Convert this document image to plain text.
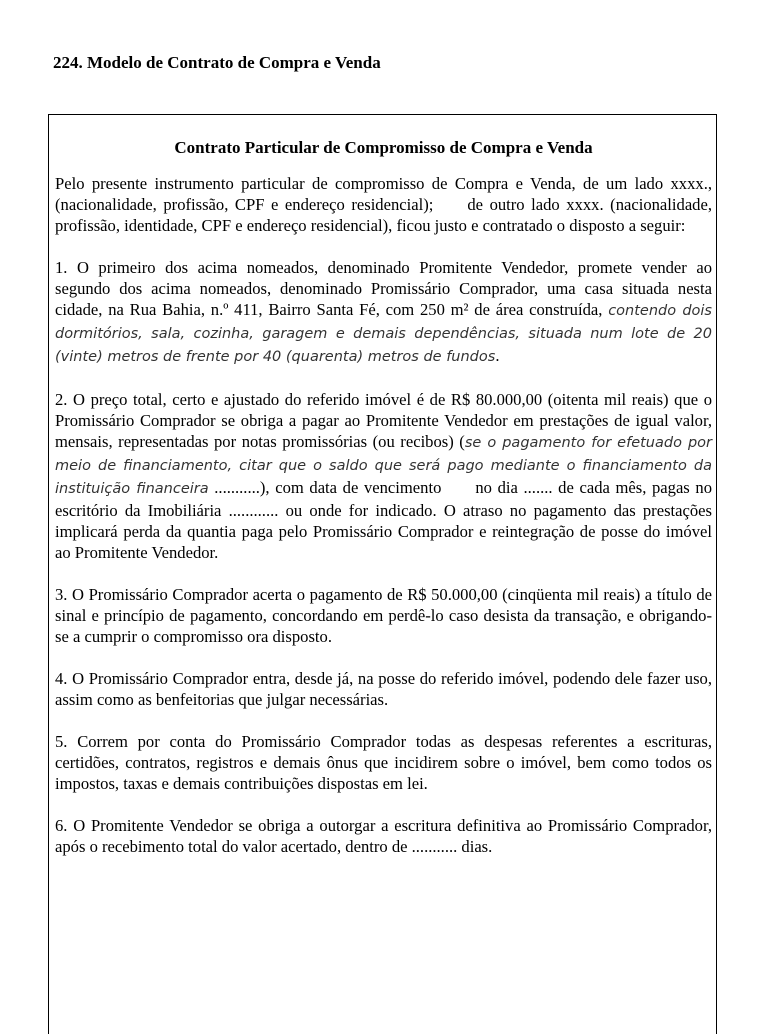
224. Modelo de Contrato de Compra e Venda
Contrato Particular de Compromisso de Compra e Venda

Pelo presente instrumento particular de compromisso de Compra e Venda, de um lado xxxx., (nacionalidade, profissão, CPF e endereço residencial); de outro lado xxxx. (nacionalidade, profissão, identidade, CPF e endereço residencial), ficou justo e contratado o disposto a seguir:

1. O primeiro dos acima nomeados, denominado Promitente Vendedor, promete vender ao segundo dos acima nomeados, denominado Promissário Comprador, uma casa situada nesta cidade, na Rua Bahia, n.º 411, Bairro Santa Fé, com 250 m² de área construída, contendo dois dormitórios, sala, cozinha, garagem e demais dependências, situada num lote de 20 (vinte) metros de frente por 40 (quarenta) metros de fundos.

2. O preço total, certo e ajustado do referido imóvel é de R$ 80.000,00 (oitenta mil reais) que o Promissário Comprador se obriga a pagar ao Promitente Vendedor em prestações de igual valor, mensais, representadas por notas promissórias (ou recibos) (se o pagamento for efetuado por meio de financiamento, citar que o saldo que será pago mediante o financiamento da instituição financeira ...........), com data de vencimento no dia ....... de cada mês, pagas no escritório da Imobiliária ............ ou onde for indicado. O atraso no pagamento das prestações implicará perda da quantia paga pelo Promissário Comprador e reintegração de posse do imóvel ao Promitente Vendedor.

3. O Promissário Comprador acerta o pagamento de R$ 50.000,00 (cinqüenta mil reais) a título de sinal e princípio de pagamento, concordando em perdê-lo caso desista da transação, e obrigando-se a cumprir o compromisso ora disposto.

4. O Promissário Comprador entra, desde já, na posse do referido imóvel, podendo dele fazer uso, assim como as benfeitorias que julgar necessárias.

5. Correm por conta do Promissário Comprador todas as despesas referentes a escrituras, certidões, contratos, registros e demais ônus que incidirem sobre o imóvel, bem como todos os impostos, taxas e demais contribuições dispostas em lei.

6. O Promitente Vendedor se obriga a outorgar a escritura definitiva ao Promissário Comprador, após o recebimento total do valor acertado, dentro de ........... dias.
